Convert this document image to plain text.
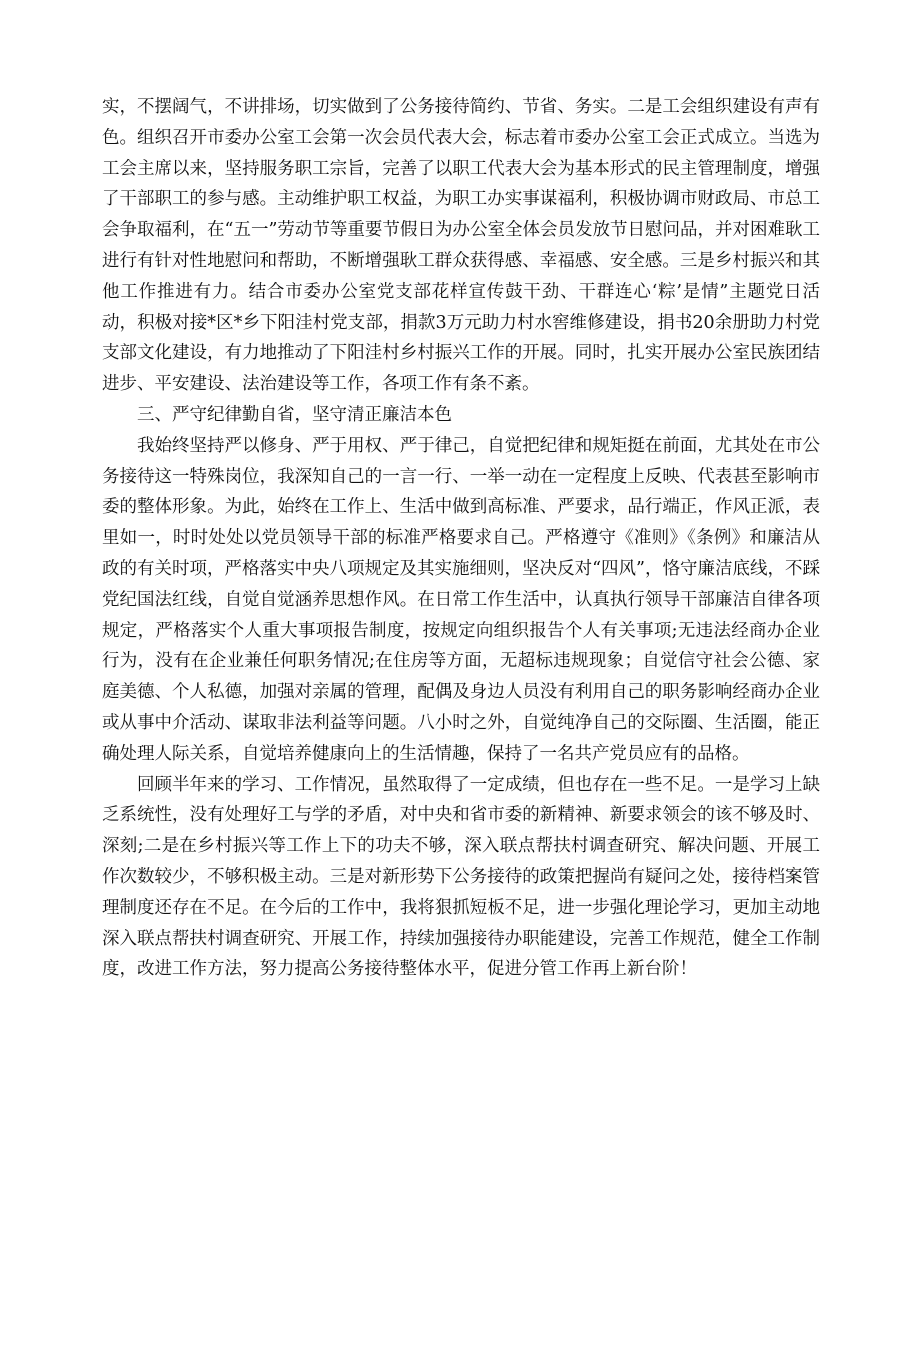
实，不摆阔气，不讲排场，切实做到了公务接待简约、节省、务实。二是工会组织建设有声有色。组织召开市委办公室工会第一次会员代表大会，标志着市委办公室工会正式成立。当选为工会主席以来，坚持服务职工宗旨，完善了以职工代表大会为基本形式的民主管理制度，增强了干部职工的参与感。主动维护职工权益，为职工办实事谋福利，积极协调市财政局、市总工会争取福利，在“五一”劳动节等重要节假日为办公室全体会员发放节日慰问品，并对困难耿工进行有针对性地慰问和帮助，不断增强耿工群众获得感、幸福感、安全感。三是乡村振兴和其他工作推进有力。结合市委办公室党支部花样宣传鼓干劲、干群连心‘粽’是情”主题党日活动，积极对接*区*乡下阳洼村党支部，捐款3万元助力村水窖维修建设，捐书20余册助力村党支部文化建设，有力地推动了下阳洼村乡村振兴工作的开展。同时，扎实开展办公室民族团结进步、平安建设、法治建设等工作，各项工作有条不紊。

三、严守纪律勤自省，坚守清正廉洁本色

我始终坚持严以修身、严于用权、严于律己，自觉把纪律和规矩挺在前面，尤其处在市公务接待这一特殊岗位，我深知自己的一言一行、一举一动在一定程度上反映、代表甚至影响市委的整体形象。为此，始终在工作上、生活中做到高标准、严要求，品行端正，作风正派，表里如一，时时处处以党员领导干部的标准严格要求自己。严格遵守《准则》《条例》和廉洁从政的有关时项，严格落实中央八项规定及其实施细则，坚决反对“四风”，恪守廉洁底线，不踩党纪国法红线，自觉自觉涵养思想作风。在日常工作生活中，认真执行领导干部廉洁自律各项规定，严格落实个人重大事项报告制度，按规定向组织报告个人有关事项;无违法经商办企业行为，没有在企业兼任何职务情况;在住房等方面，无超标违规现象；自觉信守社会公德、家庭美德、个人私德，加强对亲属的管理，配偶及身边人员没有利用自己的职务影响经商办企业或从事中介活动、谋取非法利益等问题。八小时之外，自觉纯净自己的交际圈、生活圈，能正确处理人际关系，自觉培养健康向上的生活情趣，保持了一名共产党员应有的品格。

回顾半年来的学习、工作情况，虽然取得了一定成绩，但也存在一些不足。一是学习上缺乏系统性，没有处理好工与学的矛盾，对中央和省市委的新精神、新要求领会的该不够及时、深刻;二是在乡村振兴等工作上下的功夫不够，深入联点帮扶村调查研究、解决问题、开展工作次数较少，不够积极主动。三是对新形势下公务接待的政策把握尚有疑问之处，接待档案管理制度还存在不足。在今后的工作中，我将狠抓短板不足，进一步强化理论学习，更加主动地深入联点帮扶村调查研究、开展工作，持续加强接待办职能建设，完善工作规范，健全工作制度，改进工作方法，努力提高公务接待整体水平，促进分管工作再上新台阶！
